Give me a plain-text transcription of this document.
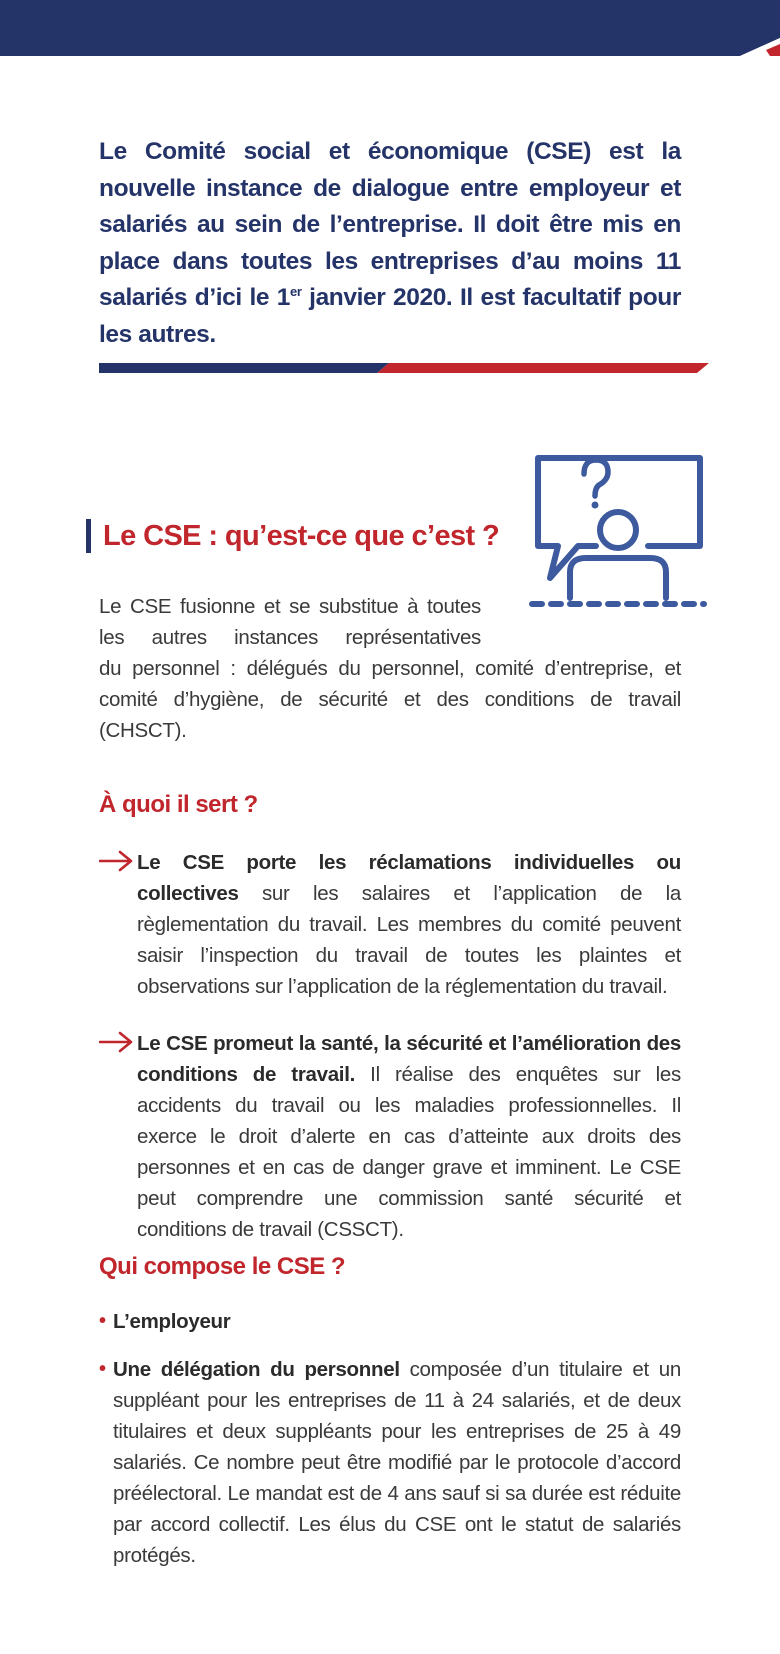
Le Comité social et économique (CSE) est la nouvelle instance de dialogue entre employeur et salariés au sein de l’entreprise. Il doit être mis en place dans toutes les entreprises d’au moins 11 salariés d’ici le 1er janvier 2020. Il est facultatif pour les autres.
Le CSE : qu’est-ce que c’est ?
Le CSE fusionne et se substitue à toutes les autres instances représentatives
du personnel : délégués du personnel, comité d’entreprise, et comité d’hygiène, de sécurité et des conditions de travail (CHSCT).
À quoi il sert ?
Le CSE porte les réclamations individuelles ou collectives sur les salaires et l’application de la règlementation du travail. Les membres du comité peuvent saisir l’inspection du travail de toutes les plaintes et observations sur l’application de la réglementation du travail.
Le CSE promeut la santé, la sécurité et l’amélioration des conditions de travail. Il réalise des enquêtes sur les accidents du travail ou les maladies professionnelles. Il exerce le droit d’alerte en cas d’atteinte aux droits des personnes et en cas de danger grave et imminent. Le CSE peut comprendre une commission santé sécurité et conditions de travail (CSSCT).
Qui compose le CSE ?
• L’employeur
• Une délégation du personnel composée d’un titulaire et un suppléant pour les entreprises de 11 à 24 salariés, et de deux titulaires et deux suppléants pour les entreprises de 25 à 49 salariés. Ce nombre peut être modifié par le protocole d’accord préélectoral. Le mandat est de 4 ans sauf si sa durée est réduite par accord collectif. Les élus du CSE ont le statut de salariés protégés.
